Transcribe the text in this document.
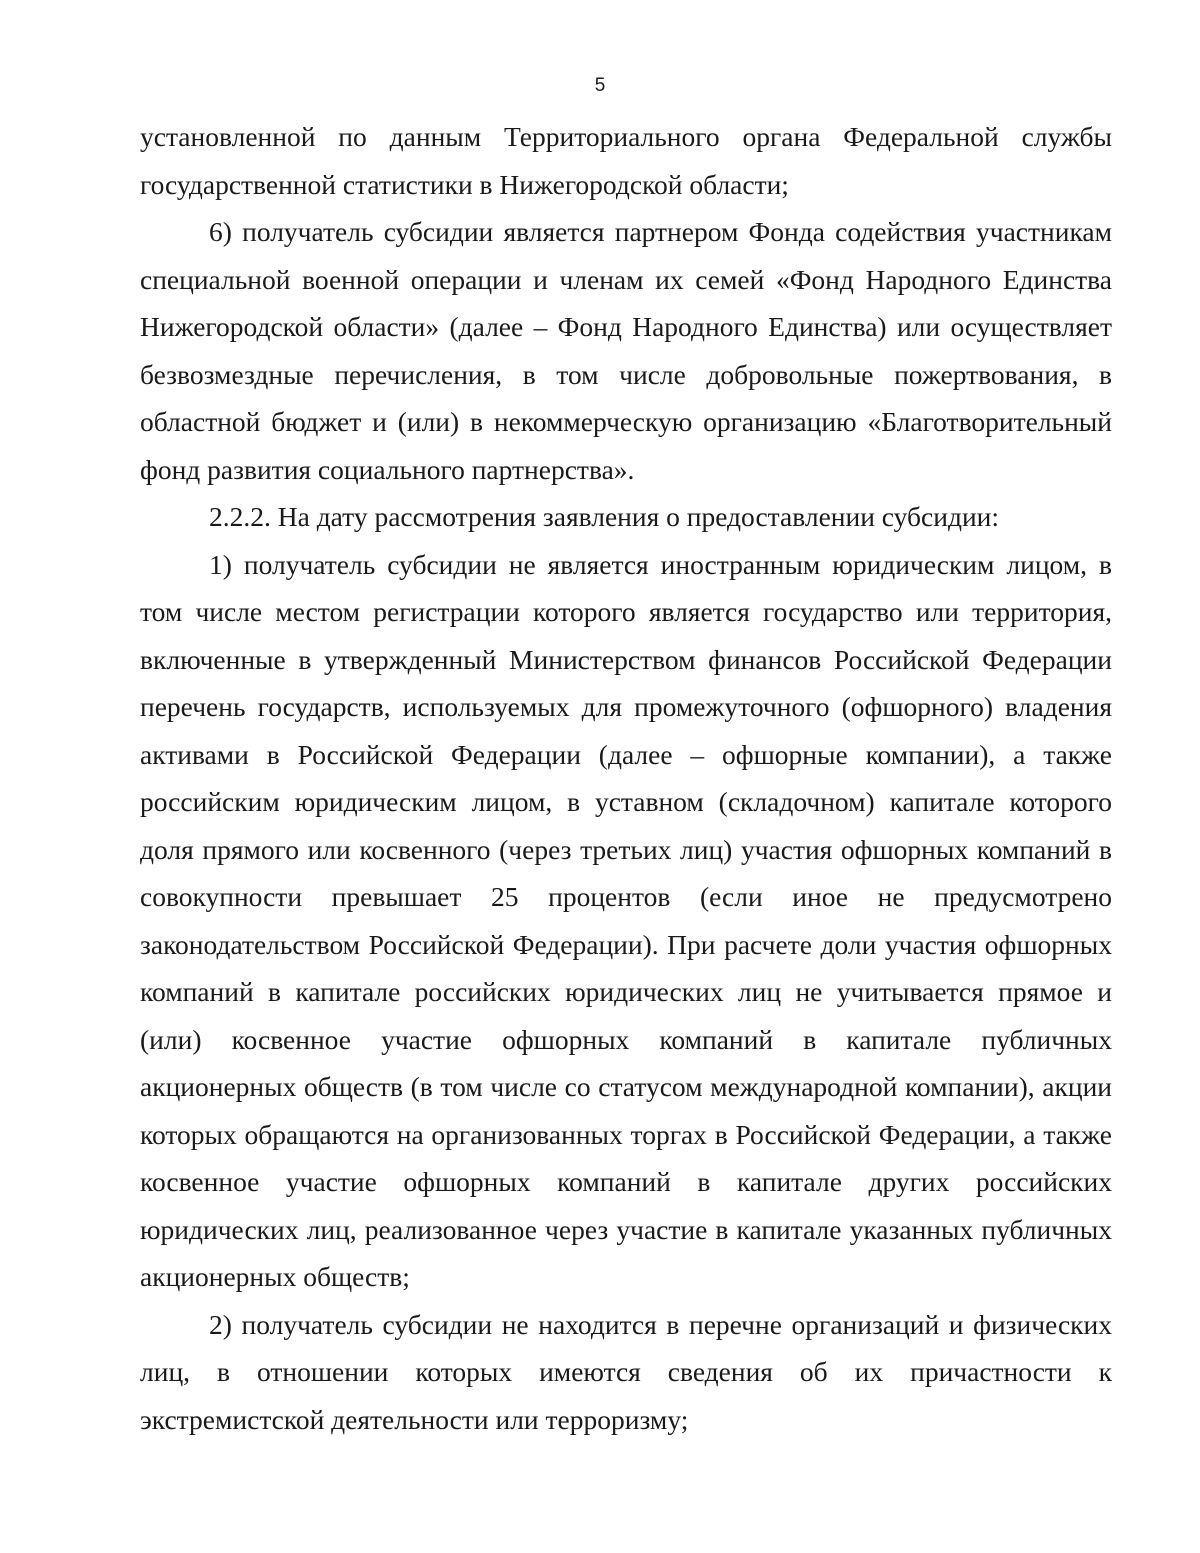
5

установленной по данным Территориального органа Федеральной службы государственной статистики в Нижегородской области;

6) получатель субсидии является партнером Фонда содействия участникам специальной военной операции и членам их семей «Фонд Народного Единства Нижегородской области» (далее – Фонд Народного Единства) или осуществляет безвозмездные перечисления, в том числе добровольные пожертвования, в областной бюджет и (или) в некоммерческую организацию «Благотворительный фонд развития социального партнерства».

2.2.2. На дату рассмотрения заявления о предоставлении субсидии:

1) получатель субсидии не является иностранным юридическим лицом, в том числе местом регистрации которого является государство или территория, включенные в утвержденный Министерством финансов Российской Федерации перечень государств, используемых для промежуточного (офшорного) владения активами в Российской Федерации (далее – офшорные компании), а также российским юридическим лицом, в уставном (складочном) капитале которого доля прямого или косвенного (через третьих лиц) участия офшорных компаний в совокупности превышает 25 процентов (если иное не предусмотрено законодательством Российской Федерации). При расчете доли участия офшорных компаний в капитале российских юридических лиц не учитывается прямое и (или) косвенное участие офшорных компаний в капитале публичных акционерных обществ (в том числе со статусом международной компании), акции которых обращаются на организованных торгах в Российской Федерации, а также косвенное участие офшорных компаний в капитале других российских юридических лиц, реализованное через участие в капитале указанных публичных акционерных обществ;

2) получатель субсидии не находится в перечне организаций и физических лиц, в отношении которых имеются сведения об их причастности к экстремистской деятельности или терроризму;
